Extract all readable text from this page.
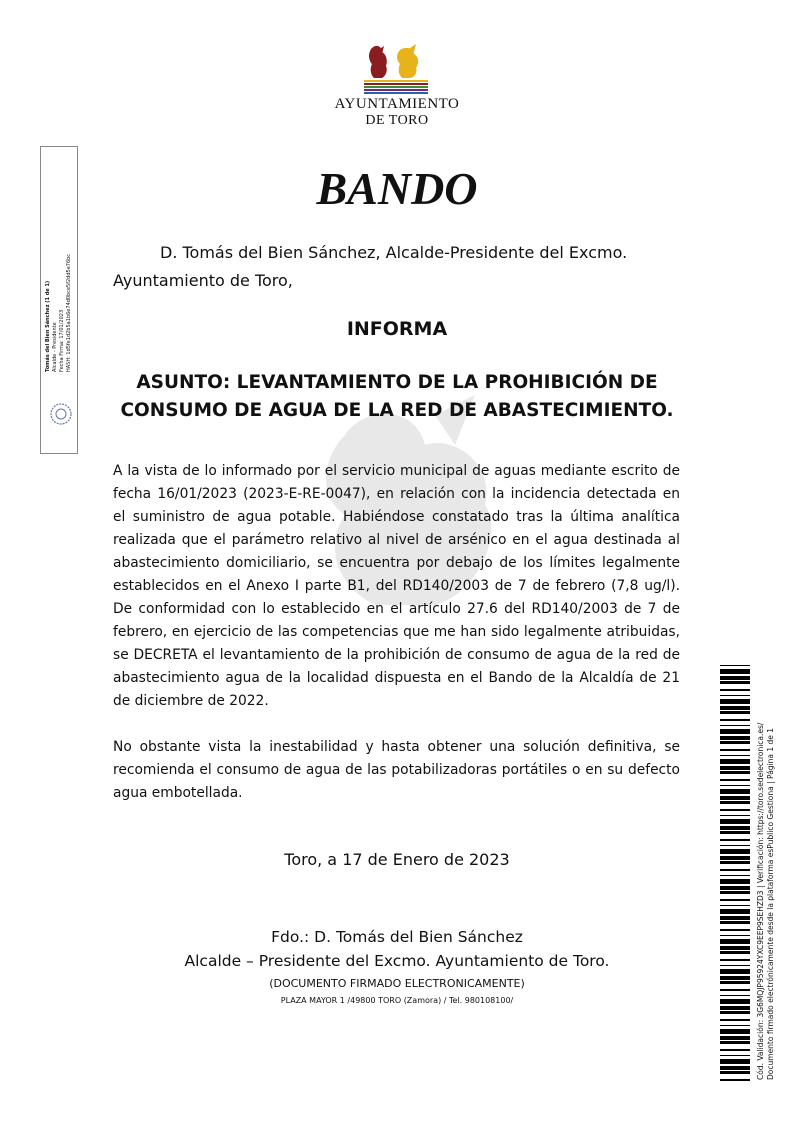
AYUNTAMIENTO
DE TORO
BANDO
D. Tomás del Bien Sánchez, Alcalde-Presidente del Excmo.
Ayuntamiento de Toro,
INFORMA
ASUNTO: LEVANTAMIENTO DE LA PROHIBICIÓN DE
CONSUMO DE AGUA DE LA RED DE ABASTECIMIENTO.
A la vista de lo informado por el servicio municipal de aguas mediante escrito de fecha 16/01/2023 (2023-E-RE-0047), en relación con la incidencia detectada en el suministro de agua potable. Habiéndose constatado tras la última analítica realizada que el parámetro relativo al nivel de arsénico en el agua destinada al abastecimiento domiciliario, se encuentra por debajo de los límites legalmente establecidos en el Anexo I parte B1, del RD140/2003 de 7 de febrero (7,8 ug/l). De conformidad con lo establecido en el artículo 27.6 del RD140/2003 de 7 de febrero, en ejercicio de las competencias que me han sido legalmente atribuidas, se DECRETA el levantamiento de la prohibición de consumo de agua de la red de abastecimiento agua de la localidad dispuesta en el Bando de la Alcaldía de 21 de diciembre de 2022.
No obstante vista la inestabilidad y hasta obtener una solución definitiva, se recomienda el consumo de agua de las potabilizadoras portátiles o en su defecto agua embotellada.
Toro, a 17 de Enero de 2023
Fdo.: D. Tomás del Bien Sánchez
Alcalde – Presidente del Excmo. Ayuntamiento de Toro.
(DOCUMENTO FIRMADO ELECTRONICAMENTE)
PLAZA MAYOR 1 /49800 TORO (Zamora) / Tel. 980108100/
Tomás del Bien Sánchez (1 de 1) Alcalde - Presidente Fecha Firma: 17/01/2023 HASH: 1d5fe1d2b5a1b6e74d0bce5f2dd5e76bc
Cód. Validación: 3G6MQJP95924YXC9EEP9SEHZD3 | Verificación: https://toro.sedelectronica.es/ Documento firmado electrónicamente desde la plataforma esPublico Gestiona | Página 1 de 1
